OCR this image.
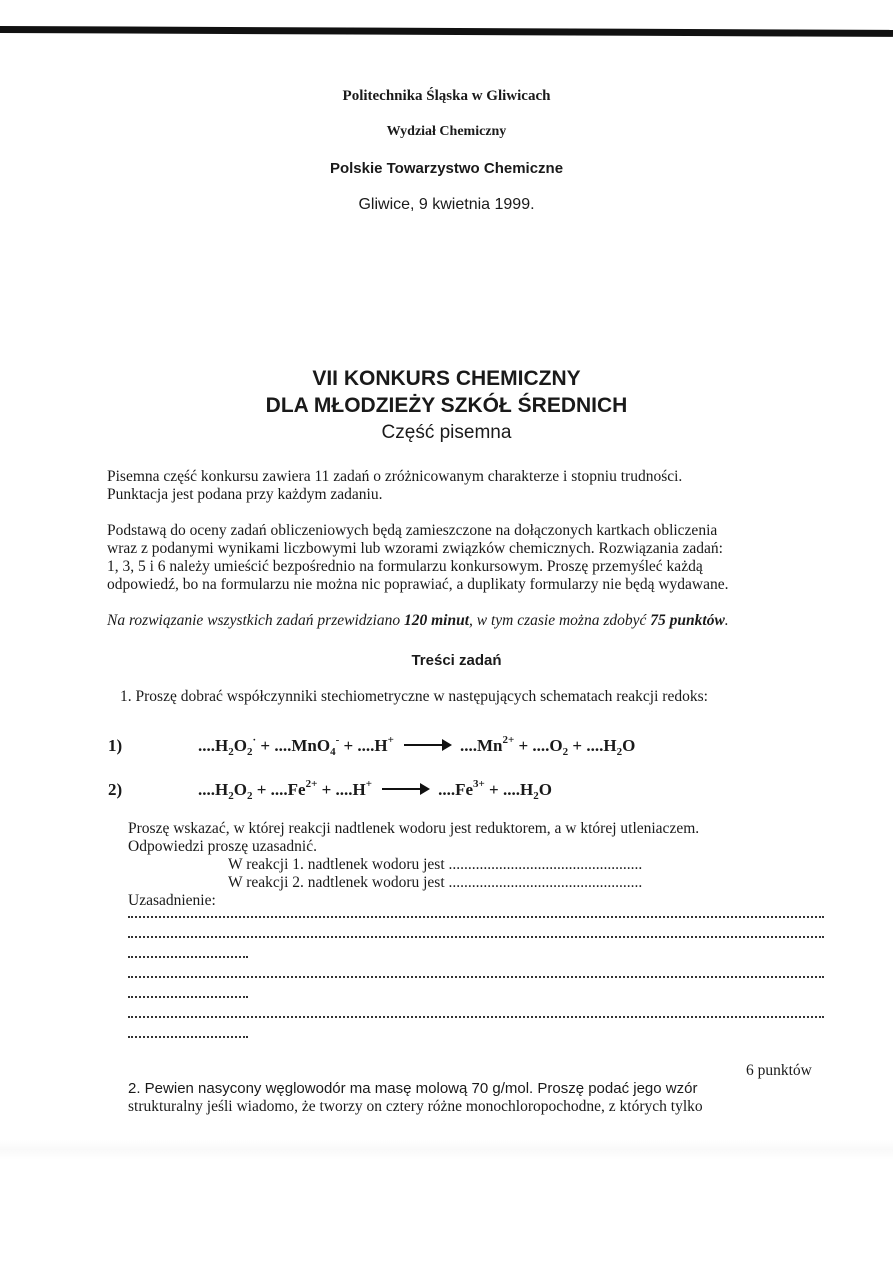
Politechnika Śląska w Gliwicach
Wydział Chemiczny
Polskie Towarzystwo Chemiczne
Gliwice, 9 kwietnia 1999.
VII KONKURS CHEMICZNY
DLA MŁODZIEŻY SZKÓŁ ŚREDNICH
Część pisemna
Pisemna część konkursu zawiera 11 zadań o zróżnicowanym charakterze i stopniu trudności.
Punktacja jest podana przy każdym zadaniu.
Podstawą do oceny zadań obliczeniowych będą zamieszczone na dołączonych kartkach obliczenia
wraz z podanymi wynikami liczbowymi lub wzorami związków chemicznych. Rozwiązania zadań:
1, 3, 5 i 6 należy umieścić bezpośrednio na formularzu konkursowym. Proszę przemyśleć każdą
odpowiedź, bo na formularzu nie można nic poprawiać, a duplikaty formularzy nie będą wydawane.
Na rozwiązanie wszystkich zadań przewidziano 120 minut, w tym czasie można zdobyć 75 punktów.
Treści zadań
1. Proszę dobrać współczynniki stechiometryczne w następujących schematach reakcji redoks:
1)	$....H_2O_2^\cdot + ....MnO_4^- + ....H^+ \to ....Mn^{2+} + ....O_2 + ....H_2O$
2)	$....H_2O_2 + ....Fe^{2+} + ....H^+ \to ....Fe^{3+} + ....H_2O$
Proszę wskazać, w której reakcji nadtlenek wodoru jest reduktorem, a w której utleniaczem.
Odpowiedzi proszę uzasadnić.
W reakcji 1. nadtlenek wodoru jest ..................................................
W reakcji 2. nadtlenek wodoru jest ..................................................
Uzasadnienie:
6 punktów
2. Pewien nasycony węglowodór ma masę molową 70 g/mol. Proszę podać jego wzór
strukturalny jeśli wiadomo, że tworzy on cztery różne monochloropochodne, z których tylko
